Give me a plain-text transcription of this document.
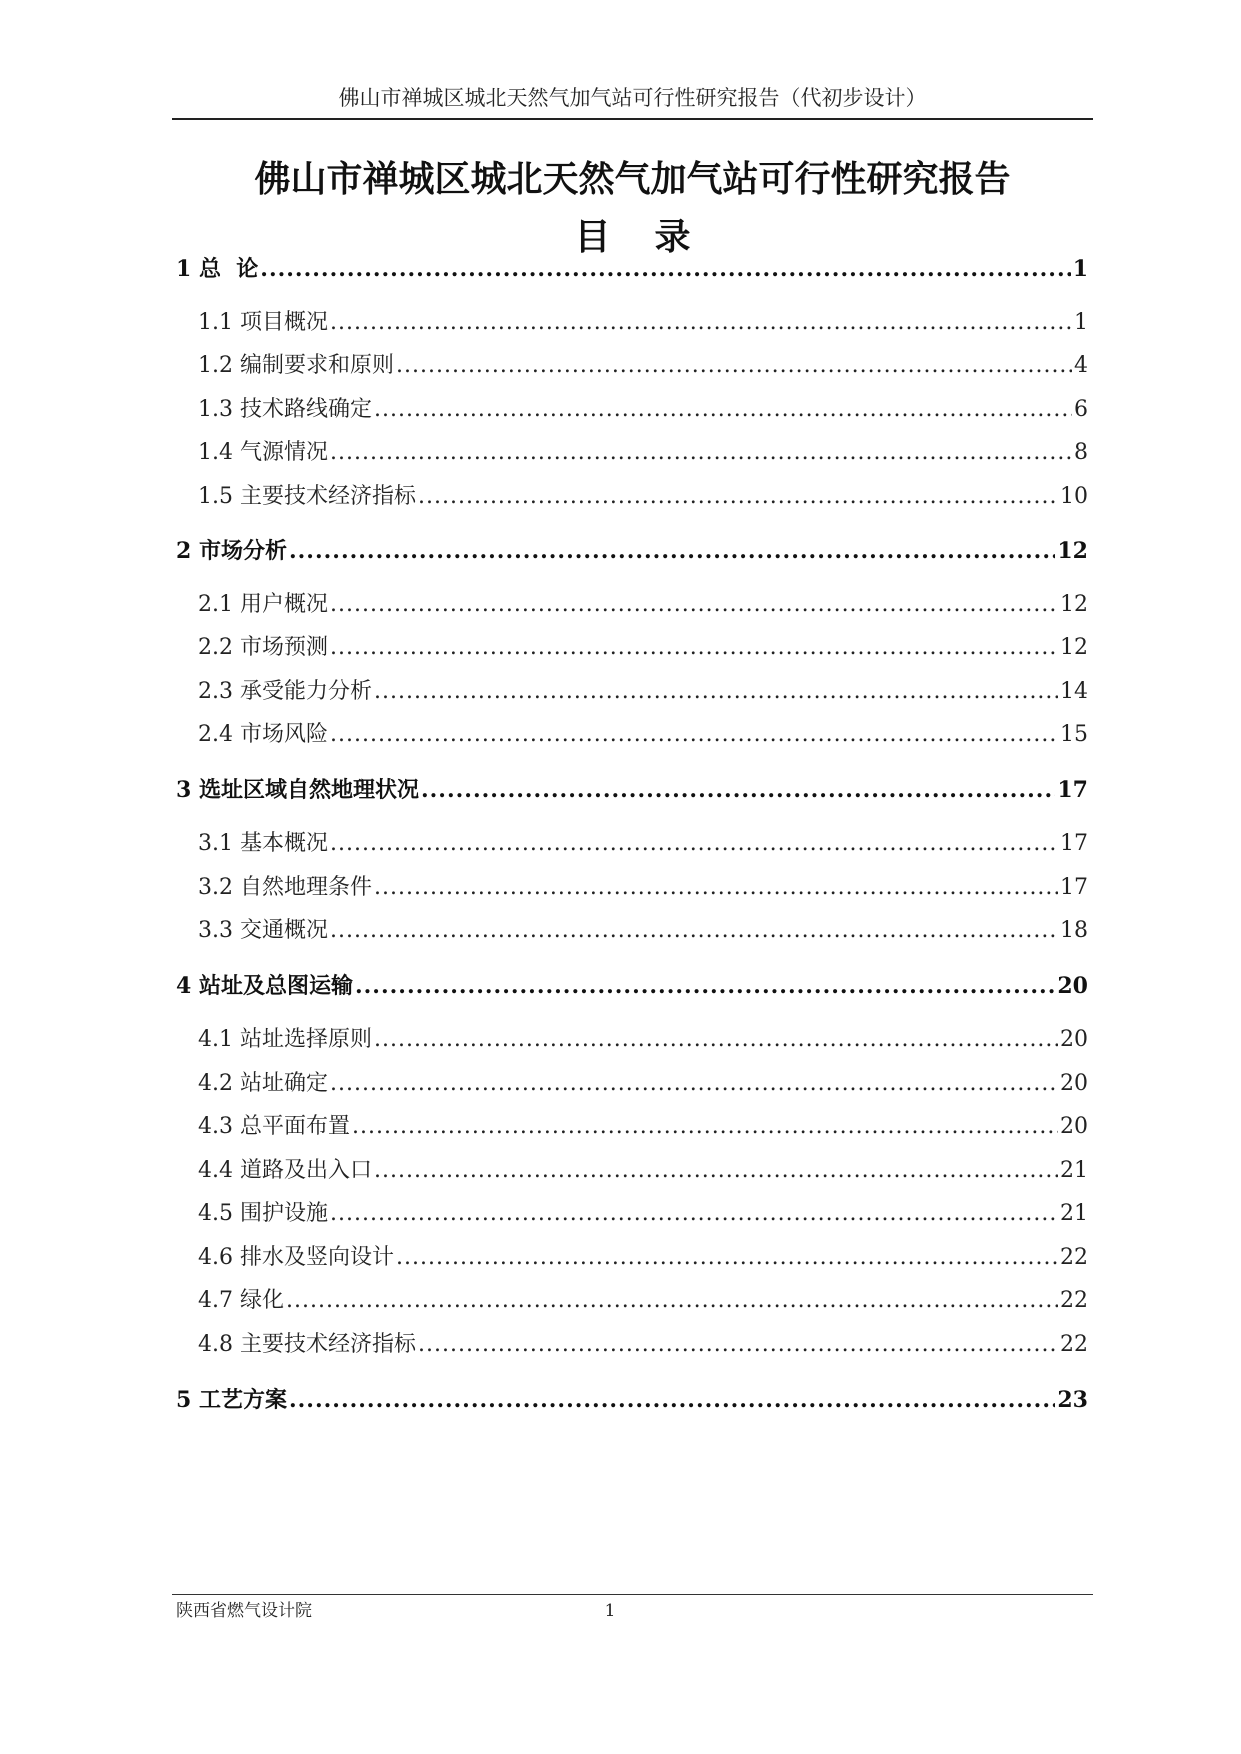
佛山市禅城区城北天然气加气站可行性研究报告（代初步设计）
佛山市禅城区城北天然气加气站可行性研究报告
目录
1 总  论 .....	1
1.1 项目概况 .....	1
1.2 编制要求和原则 .....	4
1.3 技术路线确定 .....	6
1.4 气源情况 .....	8
1.5 主要技术经济指标 .....	10
2 市场分析 .....	12
2.1 用户概况 .....	12
2.2 市场预测 .....	12
2.3 承受能力分析 .....	14
2.4 市场风险 .....	15
3 选址区域自然地理状况 .....	17
3.1 基本概况 .....	17
3.2 自然地理条件 .....	17
3.3 交通概况 .....	18
4 站址及总图运输 .....	20
4.1 站址选择原则 .....	20
4.2 站址确定 .....	20
4.3 总平面布置 .....	20
4.4 道路及出入口 .....	21
4.5 围护设施 .....	21
4.6 排水及竖向设计 .....	22
4.7 绿化 .....	22
4.8 主要技术经济指标 .....	22
5 工艺方案 .....	23
陕西省燃气设计院	1
